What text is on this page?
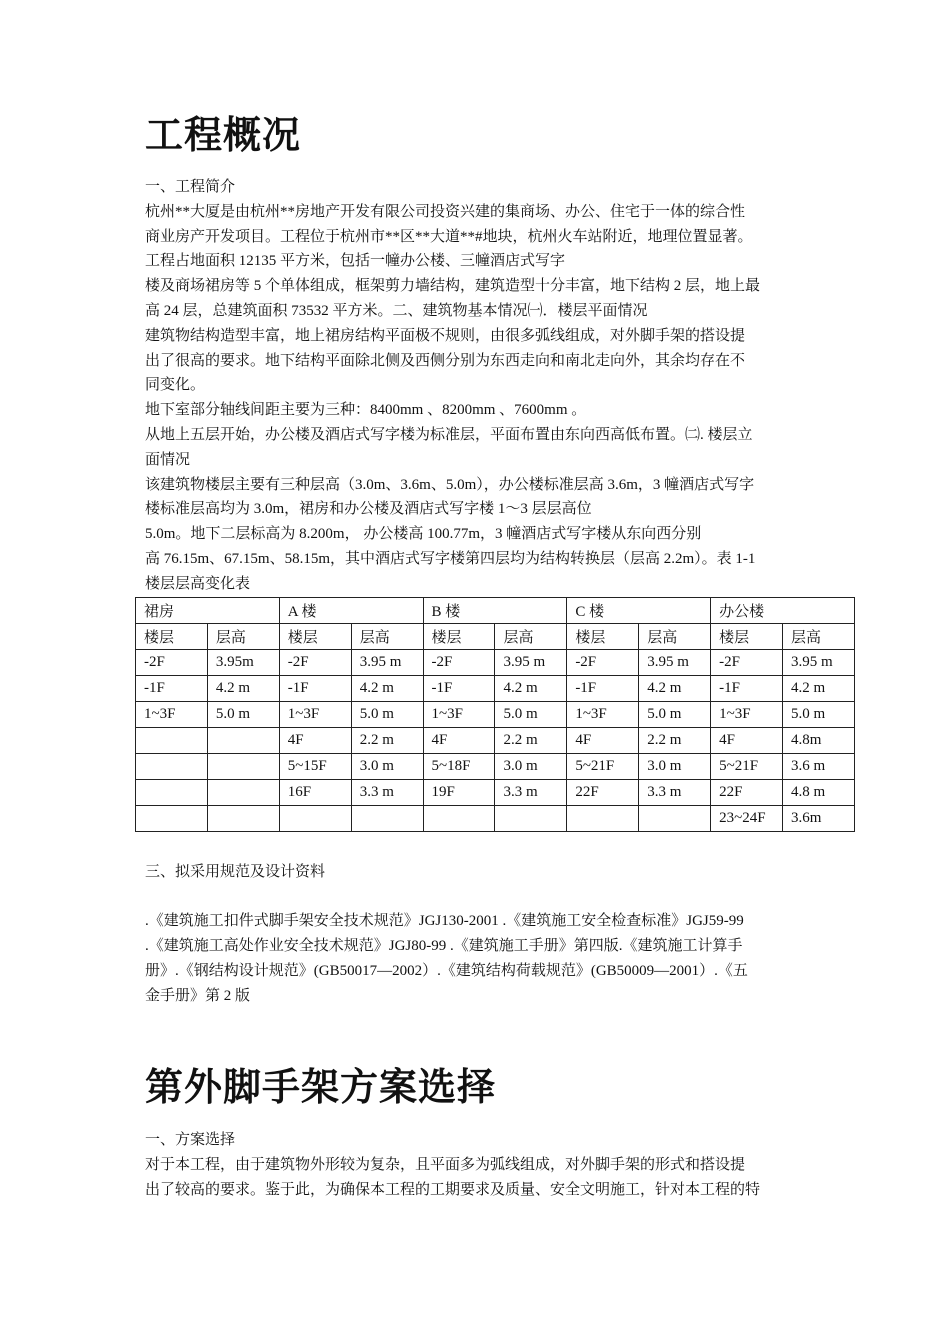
工程概况
一、工程简介
杭州**大厦是由杭州**房地产开发有限公司投资兴建的集商场、办公、住宅于一体的综合性
商业房产开发项目。工程位于杭州市**区**大道**#地块，杭州火车站附近，地理位置显著。
工程占地面积 12135 平方米，包括一幢办公楼、三幢酒店式写字
楼及商场裙房等 5 个单体组成，框架剪力墙结构，建筑造型十分丰富，地下结构 2 层，地上最
高 24 层，总建筑面积 73532 平方米。二、建筑物基本情况㈠．楼层平面情况
建筑物结构造型丰富，地上裙房结构平面极不规则，由很多弧线组成，对外脚手架的搭设提
出了很高的要求。地下结构平面除北侧及西侧分别为东西走向和南北走向外，其余均存在不
同变化。
地下室部分轴线间距主要为三种：8400mm 、8200mm 、7600mm 。
从地上五层开始，办公楼及酒店式写字楼为标准层，平面布置由东向西高低布置。㈡. 楼层立
面情况
该建筑物楼层主要有三种层高（3.0m、3.6m、5.0m），办公楼标准层高 3.6m，3 幢酒店式写字
楼标准层高均为 3.0m，裙房和办公楼及酒店式写字楼 1～3 层层高位
5.0m。地下二层标高为 8.200m， 办公楼高 100.77m，3 幢酒店式写字楼从东向西分别
高 76.15m、67.15m、58.15m，其中酒店式写字楼第四层均为结构转换层（层高 2.2m）。表 1-1
楼层层高变化表
裙房		A 楼		B 楼		C 楼		办公楼	
楼层	层高	楼层	层高	楼层	层高	楼层	层高	楼层	层高
-2F	3.95m	-2F	3.95 m	-2F	3.95 m	-2F	3.95 m	-2F	3.95 m
-1F	4.2 m	-1F	4.2 m	-1F	4.2 m	-1F	4.2 m	-1F	4.2 m
1~3F	5.0 m	1~3F	5.0 m	1~3F	5.0 m	1~3F	5.0 m	1~3F	5.0 m
		4F	2.2 m	4F	2.2 m	4F	2.2 m	4F	4.8m
		5~15F	3.0 m	5~18F	3.0 m	5~21F	3.0 m	5~21F	3.6 m
		16F	3.3 m	19F	3.3 m	22F	3.3 m	22F	4.8 m
								23~24F	3.6m
三、拟采用规范及设计资料
.《建筑施工扣件式脚手架安全技术规范》JGJ130-2001 .《建筑施工安全检查标准》JGJ59-99
.《建筑施工高处作业安全技术规范》JGJ80-99 .《建筑施工手册》第四版.《建筑施工计算手
册》.《钢结构设计规范》(GB50017—2002）.《建筑结构荷载规范》(GB50009—2001）.《五
金手册》第 2 版
第外脚手架方案选择
一、方案选择
对于本工程，由于建筑物外形较为复杂，且平面多为弧线组成，对外脚手架的形式和搭设提
出了较高的要求。鉴于此，为确保本工程的工期要求及质量、安全文明施工，针对本工程的特
